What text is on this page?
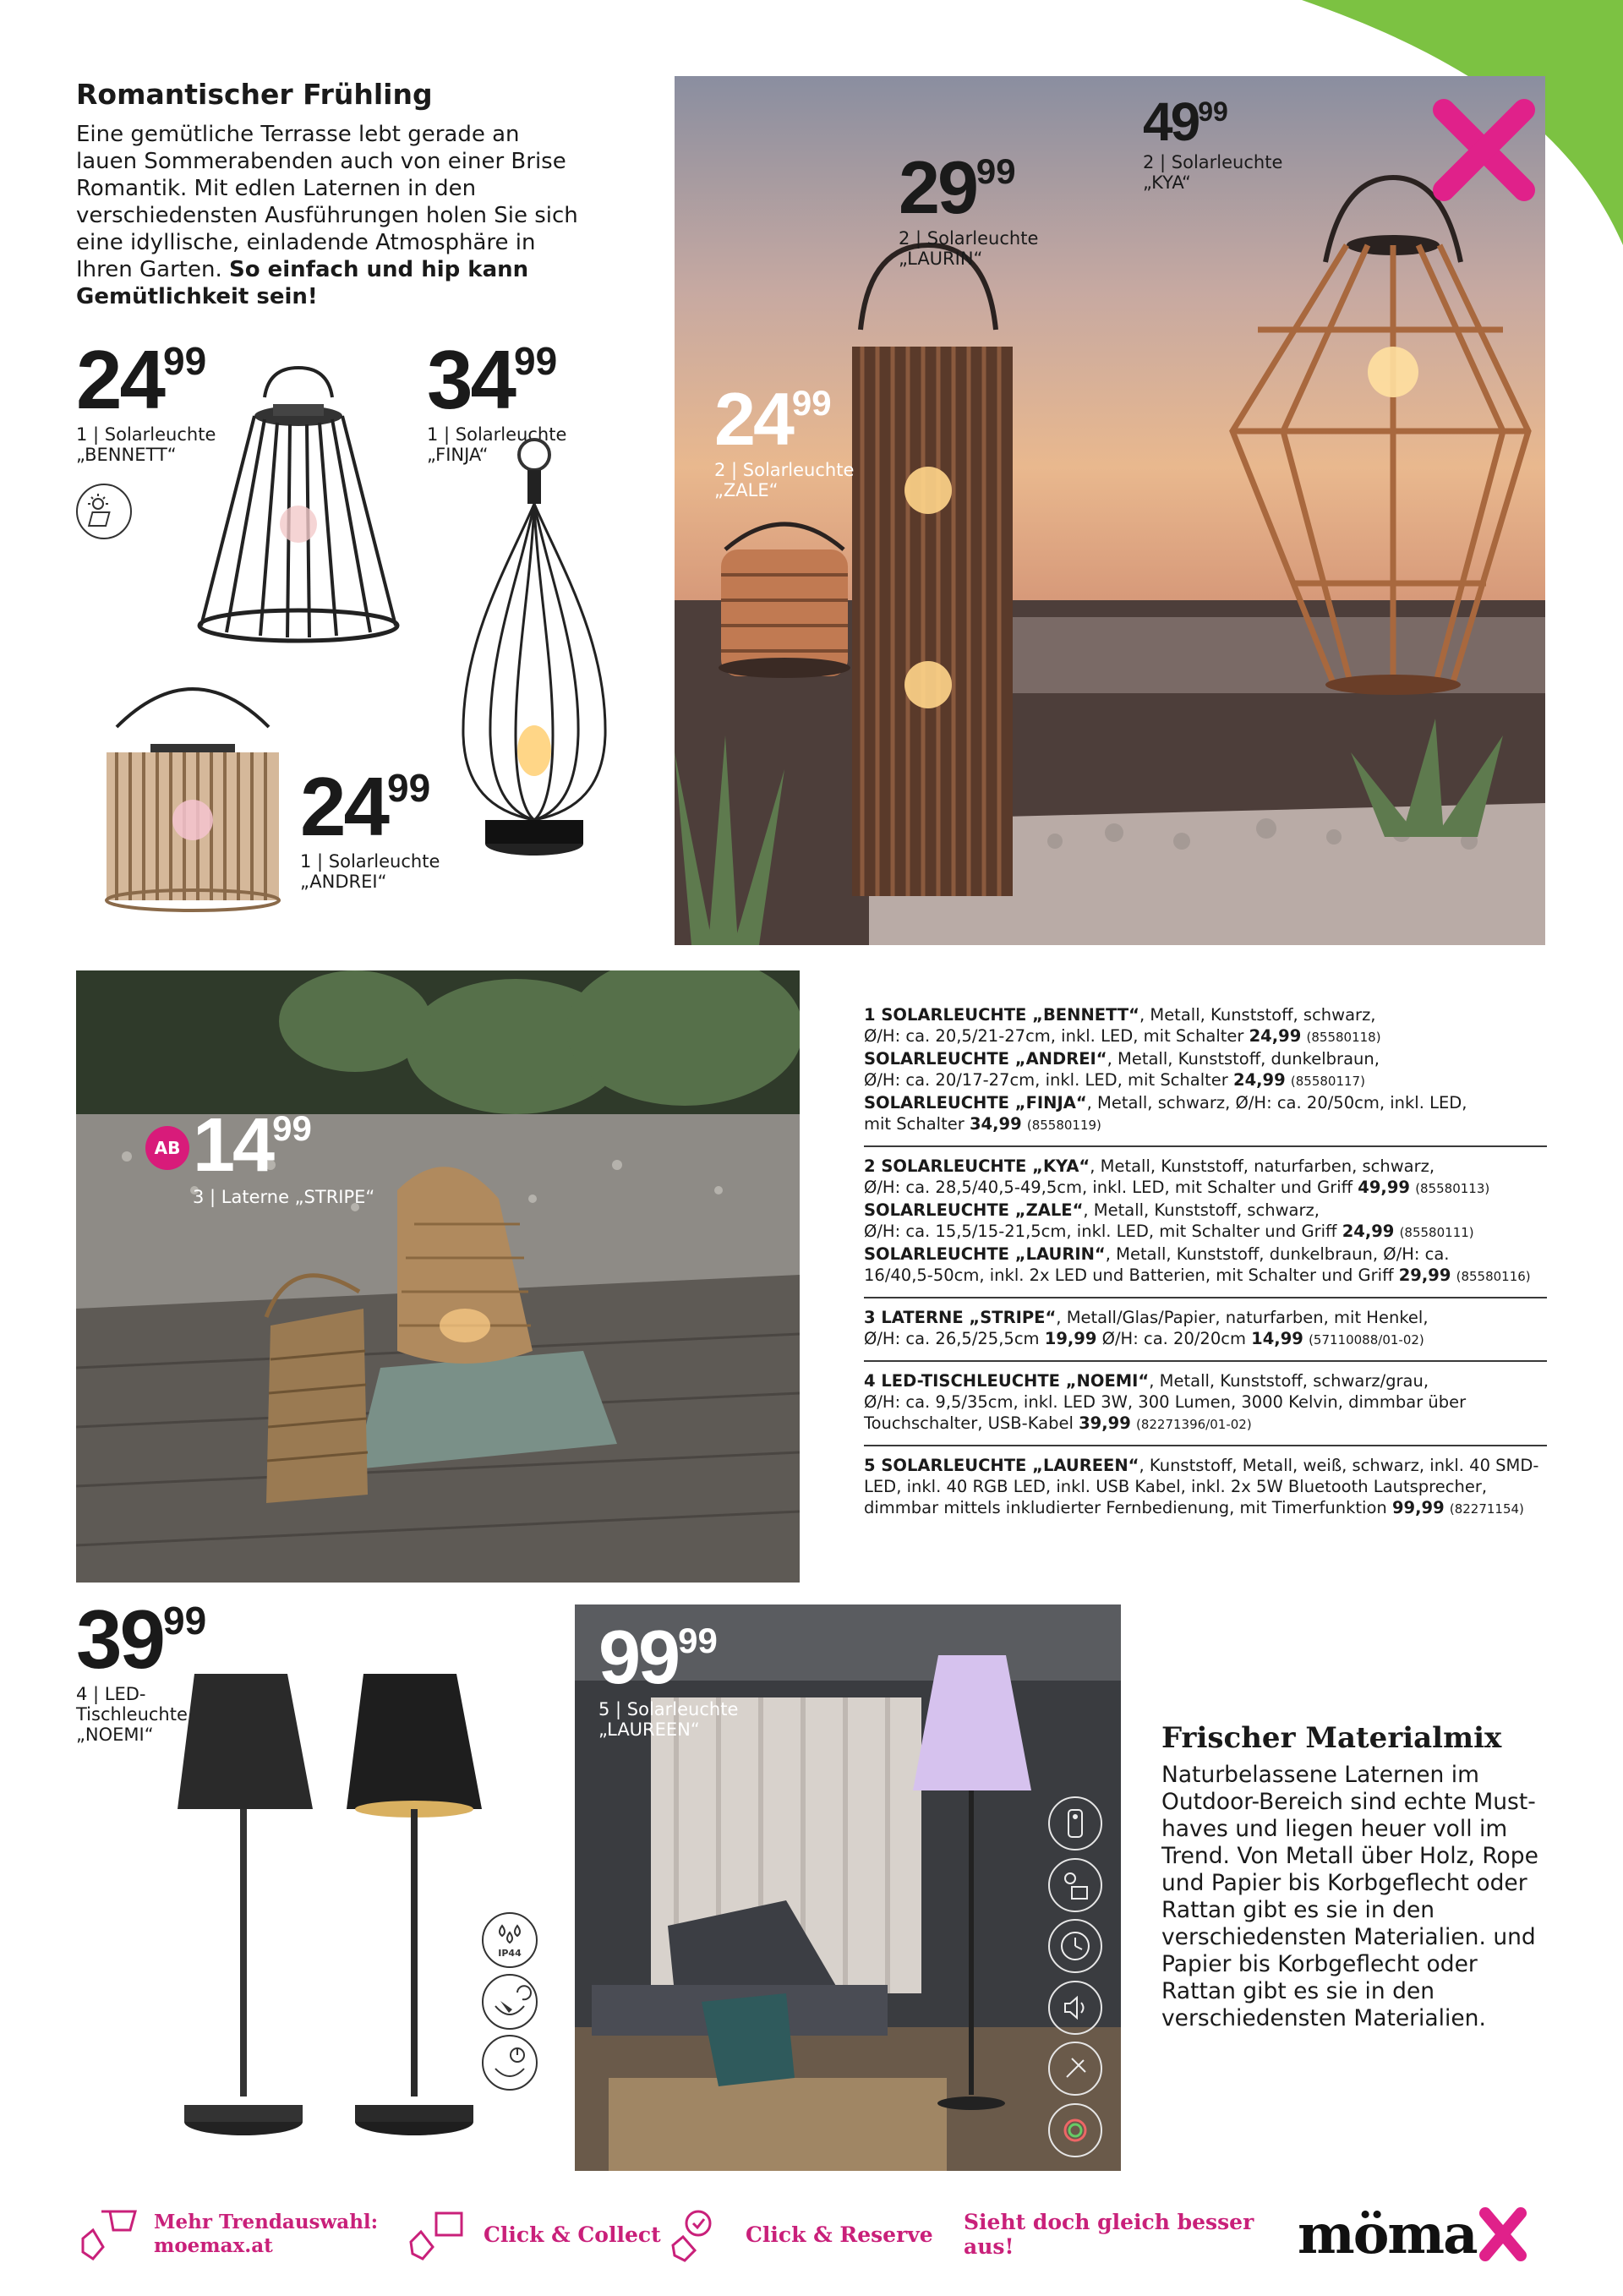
Romantischer Frühling
Eine gemütliche Terrasse lebt gerade an lauen Sommerabenden auch von einer Brise Romantik. Mit edlen Laternen in den verschiedensten Ausführungen holen Sie sich eine idyllische, einladende Atmosphäre in Ihren Garten. So einfach und hip kann Gemütlichkeit sein!
2499
1 | Solarleuchte
„BENNETT“
3499
1 | Solarleuchte
„FINJA“
2499
1 | Solarleuchte
„ANDREI“
4999
2 | Solarleuchte
„KYA“
2999
2 | Solarleuchte
„LAURIN“
2499
2 | Solarleuchte
„ZALE“
AB 1499
3 | Laterne „STRIPE“
1 SOLARLEUCHTE „BENNETT“, Metall, Kunststoff, schwarz,
Ø/H: ca. 20,5/21-27cm, inkl. LED, mit Schalter 24,99 (85580118)
SOLARLEUCHTE „ANDREI“, Metall, Kunststoff, dunkelbraun,
Ø/H: ca. 20/17-27cm, inkl. LED, mit Schalter 24,99 (85580117)
SOLARLEUCHTE „FINJA“, Metall, schwarz, Ø/H: ca. 20/50cm, inkl. LED,
mit Schalter 34,99 (85580119)
2 SOLARLEUCHTE „KYA“, Metall, Kunststoff, naturfarben, schwarz,
Ø/H: ca. 28,5/40,5-49,5cm, inkl. LED, mit Schalter und Griff 49,99 (85580113)
SOLARLEUCHTE „ZALE“, Metall, Kunststoff, schwarz,
Ø/H: ca. 15,5/15-21,5cm, inkl. LED, mit Schalter und Griff 24,99 (85580111)
SOLARLEUCHTE „LAURIN“, Metall, Kunststoff, dunkelbraun, Ø/H: ca.
16/40,5-50cm, inkl. 2x LED und Batterien, mit Schalter und Griff 29,99 (85580116)
3 LATERNE „STRIPE“, Metall/Glas/Papier, naturfarben, mit Henkel,
Ø/H: ca. 26,5/25,5cm 19,99 Ø/H: ca. 20/20cm 14,99 (57110088/01-02)
4 LED-TISCHLEUCHTE „NOEMI“, Metall, Kunststoff, schwarz/grau,
Ø/H: ca. 9,5/35cm, inkl. LED 3W, 300 Lumen, 3000 Kelvin, dimmbar über
Touchschalter, USB-Kabel 39,99 (82271396/01-02)
5 SOLARLEUCHTE „LAUREEN“, Kunststoff, Metall, weiß, schwarz, inkl. 40 SMD-
LED, inkl. 40 RGB LED, inkl. USB Kabel, inkl. 2x 5W Bluetooth Lautsprecher,
dimmbar mittels inkludierter Fernbedienung, mit Timerfunktion 99,99 (82271154)
3999
4 | LED-
Tischleuchte
„NOEMI“
IP44
9999
5 | Solarleuchte
„LAUREEN“	Frischer Materialmix
Naturbelassene Laternen im Outdoor-Bereich sind echte Must-haves und liegen heuer voll im Trend. Von Metall über Holz, Rope und Papier bis Korbgeflecht oder Rattan gibt es sie in den verschiedensten Materialien. und Papier bis Korbgeflecht oder Rattan gibt es sie in den verschiedensten Materialien.
Mehr Trendauswahl:
moemax.at	Click & Collect	Click & Reserve Sieht doch gleich besser aus!	möma
